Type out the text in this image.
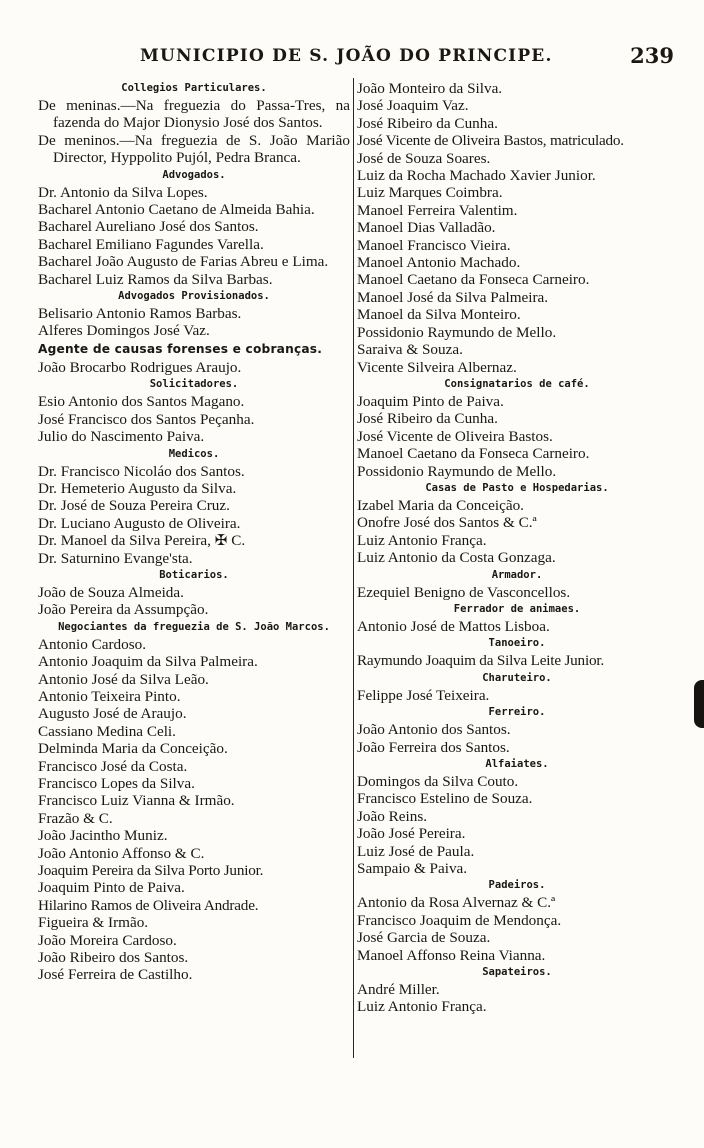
MUNICIPIO DE S. JOÃO DO PRINCIPE.	239
Collegios Particulares.
De meninas.—Na freguezia do Passa-Tres, na fazenda do Major Dionysio José dos Santos.
De meninos.—Na freguezia de S. João Marião Director, Hyppolito Pujól, Pedra Branca.
Advogados.
Dr. Antonio da Silva Lopes.
Bacharel Antonio Caetano de Almeida Bahia.
Bacharel Aureliano José dos Santos.
Bacharel Emiliano Fagundes Varella.
Bacharel João Augusto de Farias Abreu e Lima.
Bacharel Luiz Ramos da Silva Barbas.
Advogados Provisionados.
Belisario Antonio Ramos Barbas.
Alferes Domingos José Vaz.
Agente de causas forenses e cobranças.
João Brocarbo Rodrigues Araujo.
Solicitadores.
Esio Antonio dos Santos Magano.
José Francisco dos Santos Peçanha.
Julio do Nascimento Paiva.
Medicos.
Dr. Francisco Nicoláo dos Santos.
Dr. Hemeterio Augusto da Silva.
Dr. José de Souza Pereira Cruz.
Dr. Luciano Augusto de Oliveira.
Dr. Manoel da Silva Pereira, ✠ C.
Dr. Saturnino Evange'sta.
Boticarios.
João de Souza Almeida.
João Pereira da Assumpção.
Negociantes da freguezia de S. João Marcos.
Antonio Cardoso.
Antonio Joaquim da Silva Palmeira.
Antonio José da Silva Leão.
Antonio Teixeira Pinto.
Augusto José de Araujo.
Cassiano Medina Celi.
Delminda Maria da Conceição.
Francisco José da Costa.
Francisco Lopes da Silva.
Francisco Luiz Vianna & Irmão.
Frazão & C.
João Jacintho Muniz.
João Antonio Affonso & C.
Joaquim Pereira da Silva Porto Junior.
Joaquim Pinto de Paiva.
Hilarino Ramos de Oliveira Andrade.
Figueira & Irmão.
João Moreira Cardoso.
João Ribeiro dos Santos.
José Ferreira de Castilho.
João Monteiro da Silva.
José Joaquim Vaz.
José Ribeiro da Cunha.
José Vicente de Oliveira Bastos, matriculado.
José de Souza Soares.
Luiz da Rocha Machado Xavier Junior.
Luiz Marques Coimbra.
Manoel Ferreira Valentim.
Manoel Dias Valladão.
Manoel Francisco Vieira.
Manoel Antonio Machado.
Manoel Caetano da Fonseca Carneiro.
Manoel José da Silva Palmeira.
Manoel da Silva Monteiro.
Possidonio Raymundo de Mello.
Saraiva & Souza.
Vicente Silveira Albernaz.
Consignatarios de café.
Joaquim Pinto de Paiva.
José Ribeiro da Cunha.
José Vicente de Oliveira Bastos.
Manoel Caetano da Fonseca Carneiro.
Possidonio Raymundo de Mello.
Casas de Pasto e Hospedarias.
Izabel Maria da Conceição.
Onofre José dos Santos & C.ª
Luiz Antonio França.
Luiz Antonio da Costa Gonzaga.
Armador.
Ezequiel Benigno de Vasconcellos.
Ferrador de animaes.
Antonio José de Mattos Lisboa.
Tanoeiro.
Raymundo Joaquim da Silva Leite Junior.
Charuteiro.
Felippe José Teixeira.
Ferreiro.
João Antonio dos Santos.
João Ferreira dos Santos.
Alfaiates.
Domingos da Silva Couto.
Francisco Estelino de Souza.
João Reins.
João José Pereira.
Luiz José de Paula.
Sampaio & Paiva.
Padeiros.
Antonio da Rosa Alvernaz & C.ª
Francisco Joaquim de Mendonça.
José Garcia de Souza.
Manoel Affonso Reina Vianna.
Sapateiros.
André Miller.
Luiz Antonio França.
